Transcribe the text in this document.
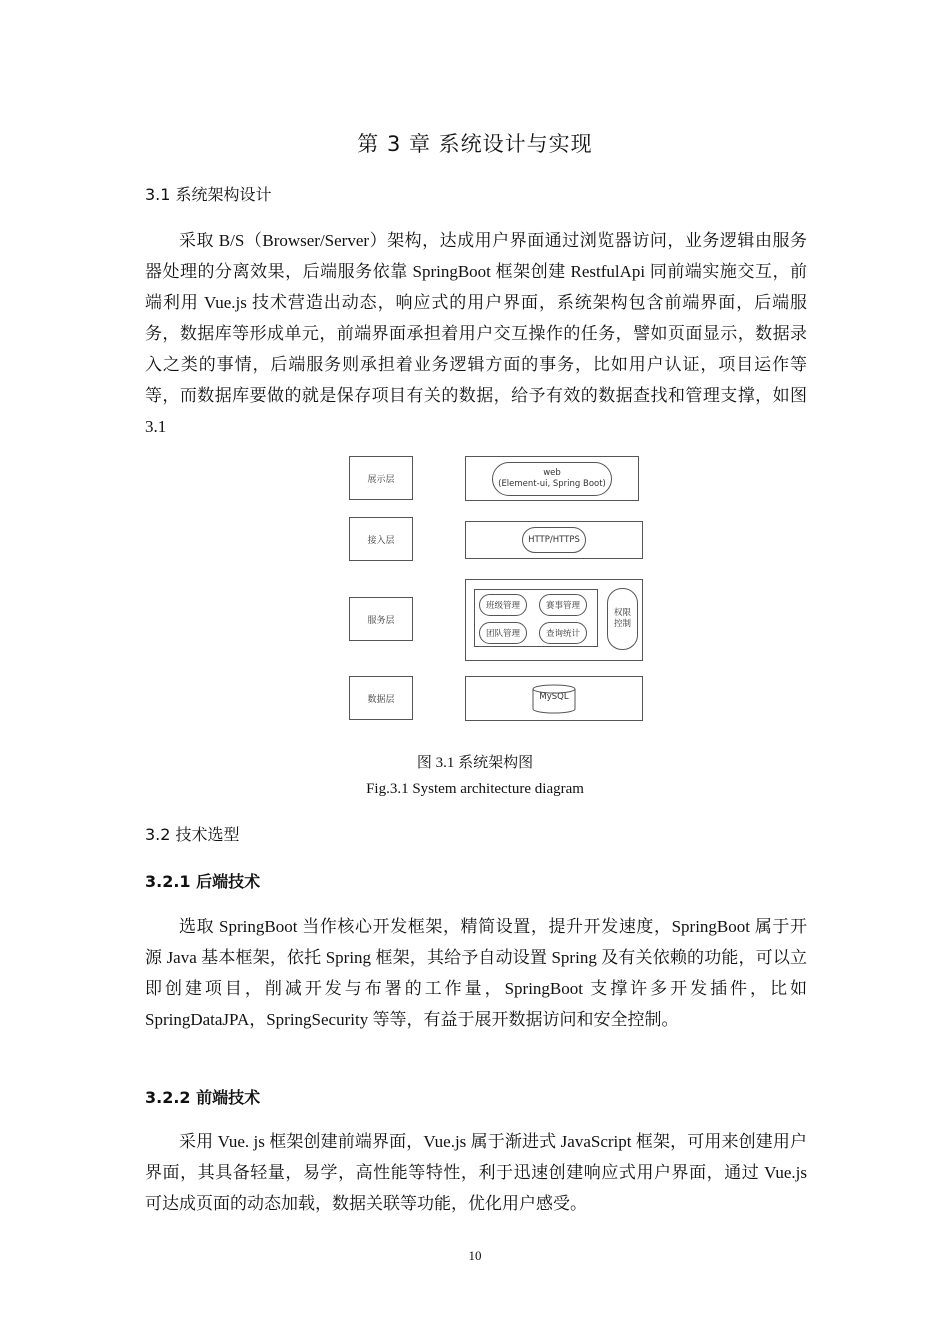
第 3 章 系统设计与实现
3.1 系统架构设计
采取 B/S（Browser/Server）架构，达成用户界面通过浏览器访问，业务逻辑由服务器处理的分离效果，后端服务依靠 SpringBoot 框架创建 RestfulApi 同前端实施交互，前端利用 Vue.js 技术营造出动态，响应式的用户界面，系统架构包含前端界面，后端服务，数据库等形成单元，前端界面承担着用户交互操作的任务，譬如页面显示，数据录入之类的事情，后端服务则承担着业务逻辑方面的事务，比如用户认证，项目运作等等，而数据库要做的就是保存项目有关的数据，给予有效的数据查找和管理支撑，如图 3.1
展示层
接入层
服务层
数据层
web
(Element-ui, Spring Boot)
HTTP/HTTPS
班级管理	赛事管理
团队管理	查询统计
权限
控制
MySQL
图 3.1 系统架构图
Fig.3.1 System architecture diagram
3.2 技术选型
3.2.1 后端技术
选取 SpringBoot 当作核心开发框架，精简设置，提升开发速度，SpringBoot 属于开源 Java 基本框架，依托 Spring 框架，其给予自动设置 Spring 及有关依赖的功能，可以立即创建项目，削减开发与布署的工作量，SpringBoot 支撑许多开发插件，比如 SpringDataJPA，SpringSecurity 等等，有益于展开数据访问和安全控制。
3.2.2 前端技术
采用 Vue. js 框架创建前端界面，Vue.js 属于渐进式 JavaScript 框架，可用来创建用户界面，其具备轻量，易学，高性能等特性，利于迅速创建响应式用户界面，通过 Vue.js 可达成页面的动态加载，数据关联等功能，优化用户感受。
10
